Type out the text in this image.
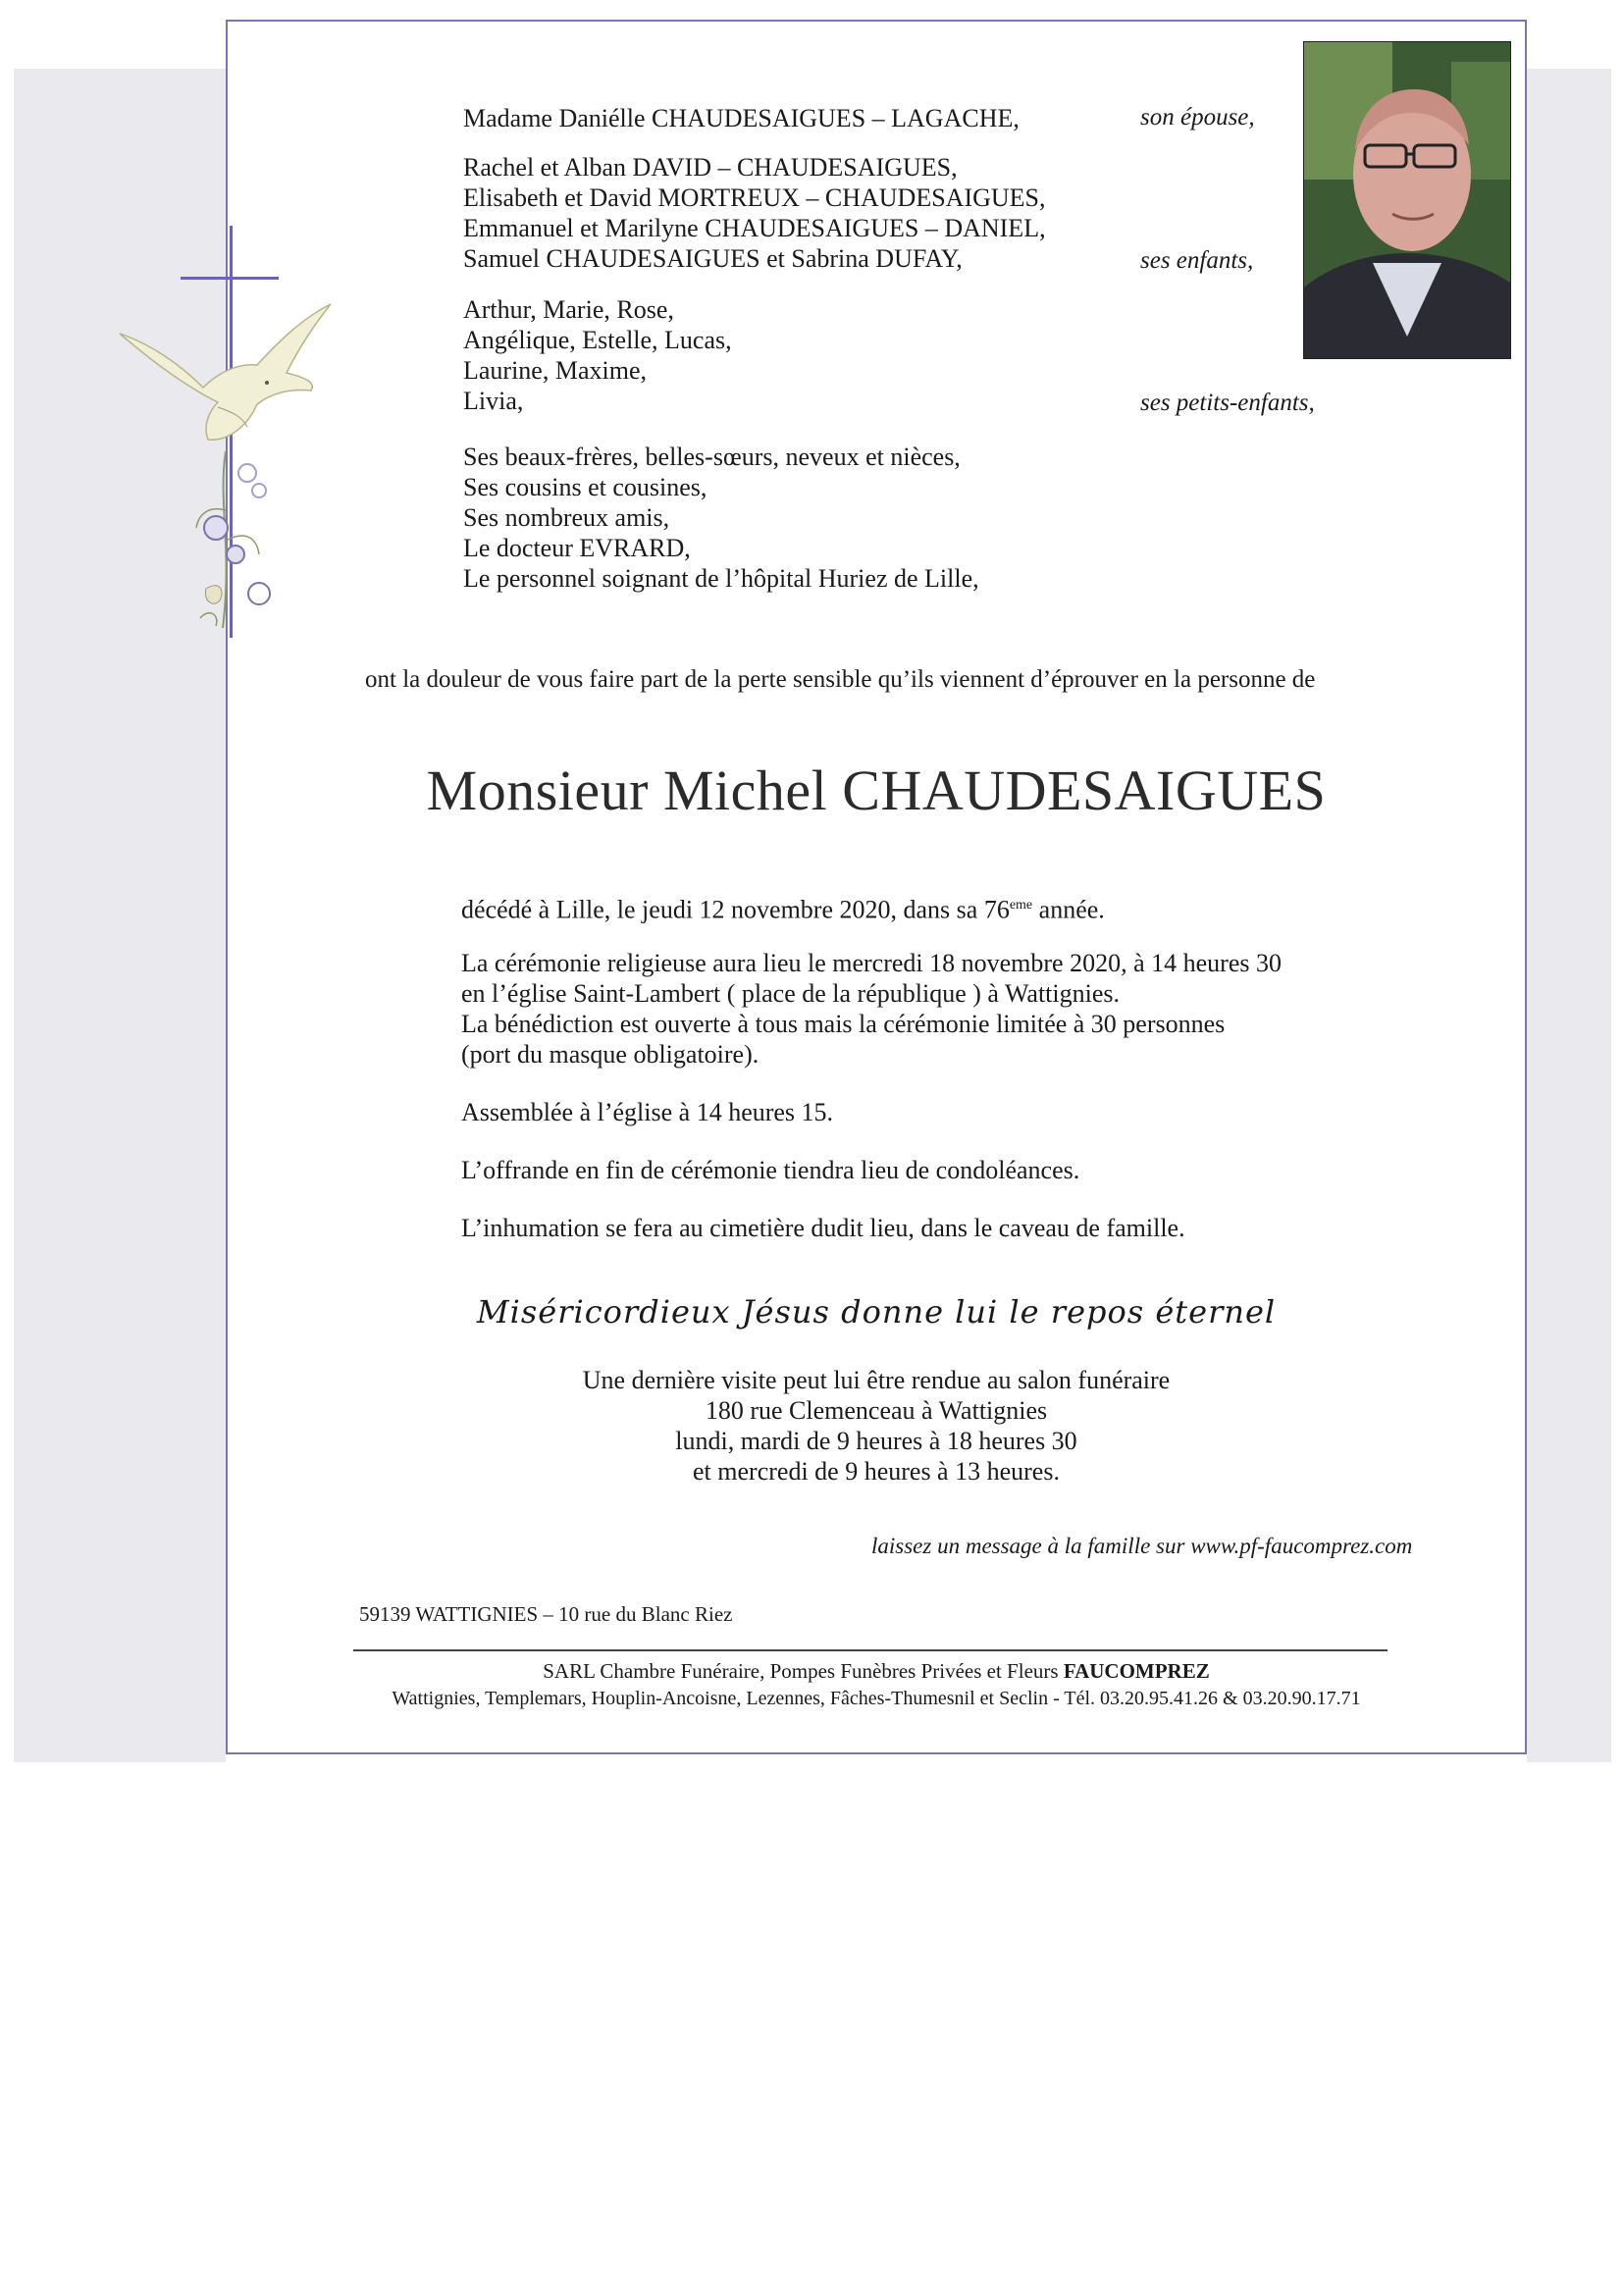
Madame Daniélle CHAUDESAIGUES – LAGACHE,	son épouse,
Rachel et Alban DAVID – CHAUDESAIGUES,
Elisabeth et David MORTREUX – CHAUDESAIGUES,
Emmanuel et Marilyne CHAUDESAIGUES – DANIEL,
Samuel CHAUDESAIGUES et Sabrina DUFAY,	ses enfants,
Arthur, Marie, Rose,
Angélique, Estelle, Lucas,
Laurine, Maxime,
Livia,	ses petits-enfants,
Ses beaux-frères, belles-sœurs, neveux et nièces,
Ses cousins et cousines,
Ses nombreux amis,
Le docteur EVRARD,
Le personnel soignant de l’hôpital Huriez de Lille,
ont la douleur de vous faire part de la perte sensible qu’ils viennent d’éprouver en la personne de
Monsieur Michel CHAUDESAIGUES
décédé à Lille, le jeudi 12 novembre 2020, dans sa 76eme année.
La cérémonie religieuse aura lieu le mercredi 18 novembre 2020, à 14 heures 30
en l’église Saint-Lambert ( place de la république ) à Wattignies.
La bénédiction est ouverte à tous mais la cérémonie limitée à 30 personnes
(port du masque obligatoire).
Assemblée à l’église à 14 heures 15.
L’offrande en fin de cérémonie tiendra lieu de condoléances.
L’inhumation se fera au cimetière dudit lieu, dans le caveau de famille.
Miséricordieux Jésus donne lui le repos éternel
Une dernière visite peut lui être rendue au salon funéraire
180 rue Clemenceau à Wattignies
lundi, mardi de 9 heures à 18 heures 30
et mercredi de 9 heures à 13 heures.
laissez un message à la famille sur www.pf-faucomprez.com
59139 WATTIGNIES – 10 rue du Blanc Riez
SARL Chambre Funéraire, Pompes Funèbres Privées et Fleurs FAUCOMPREZ
Wattignies, Templemars, Houplin-Ancoisne, Lezennes, Fâches-Thumesnil et Seclin - Tél. 03.20.95.41.26 & 03.20.90.17.71
